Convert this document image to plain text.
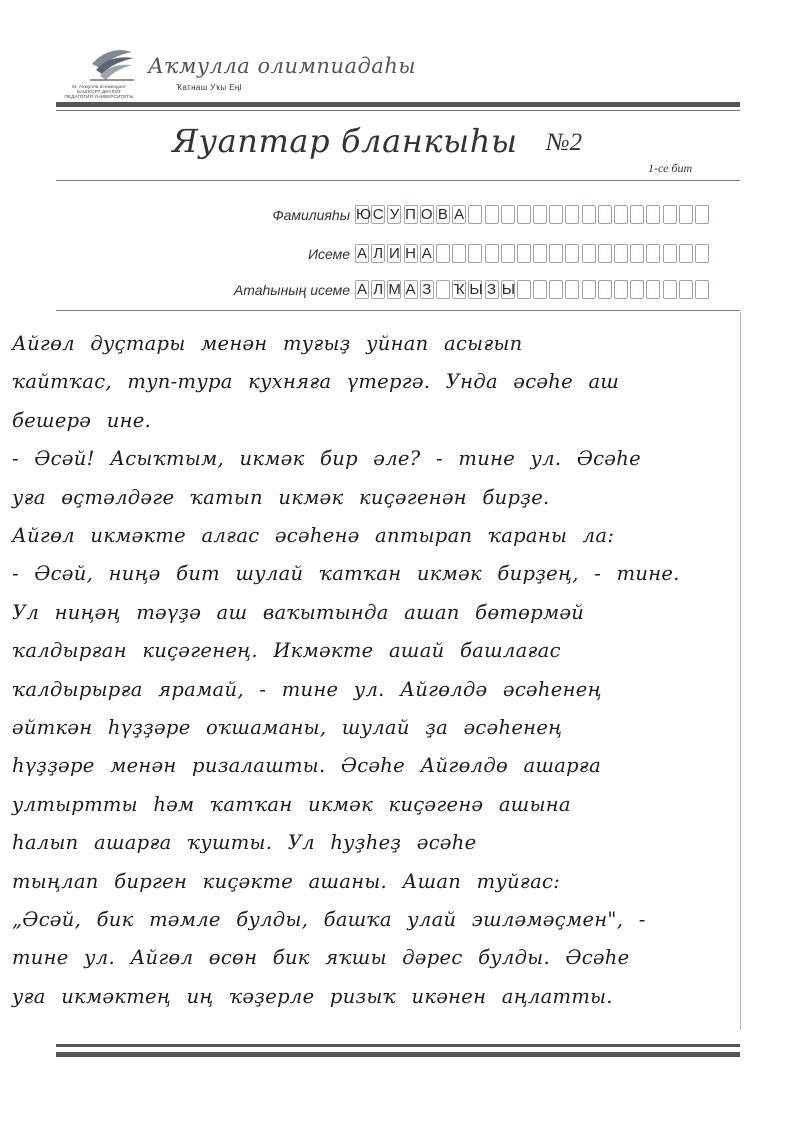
М. Аҡмулла исемендәге
БАШҠОРТ ДӘҮЛӘТ
ПЕДАГОГИЯ УНИВЕРСИТЕТЫ
Аҡмулла олимпиадаһы
Ҡатнаш Уҡы Еңl
Яуаптар бланкыһы №2
1-се бит
Фамилияһы Ю С У П О В А
Исеме А Л И Н А
Атаһының исеме А Л М А З Ҡ Ы З Ы
Айгөл дуҫтары менән туғыҙ уйнап асығып
ҡайтҡас, туп-тура кухняға үтергә. Унда әсәһе аш
бешерә ине.
- Әсәй! Асыҡтым, икмәк бир әле? - тине ул. Әсәһе
уға өҫтәлдәге ҡатып икмәк киҫәгенән бирҙе.
Айгөл икмәкте алғас әсәһенә аптырап ҡараны ла:
- Әсәй, ниңә бит шулай ҡатҡан икмәк бирҙең, - тине.
Ул ниңәң тәүҙә аш ваҡытында ашап бөтөрмәй
ҡалдырған киҫәгенең. Икмәкте ашай башлағас
ҡалдырырға ярамай, - тине ул. Айгөлдә әсәһенең
әйткән һүҙҙәре оҡшаманы, шулай ҙа әсәһенең
һүҙҙәре менән ризалашты. Әсәһе Айгөлдө ашарға
ултыртты һәм ҡатҡан икмәк киҫәгенә ашына
һалып ашарға ҡушты. Ул һуҙһеҙ әсәһе
тыңлап бирген киҫәкте ашаны. Ашап туйғас:
„Әсәй, бик тәмле булды, башҡа улай эшләмәҫмен", -
тине ул. Айгөл өсөн бик яҡшы дәрес булды. Әсәһе
уға икмәктең иң ҡәҙерле ризыҡ икәнен аңлатты.
